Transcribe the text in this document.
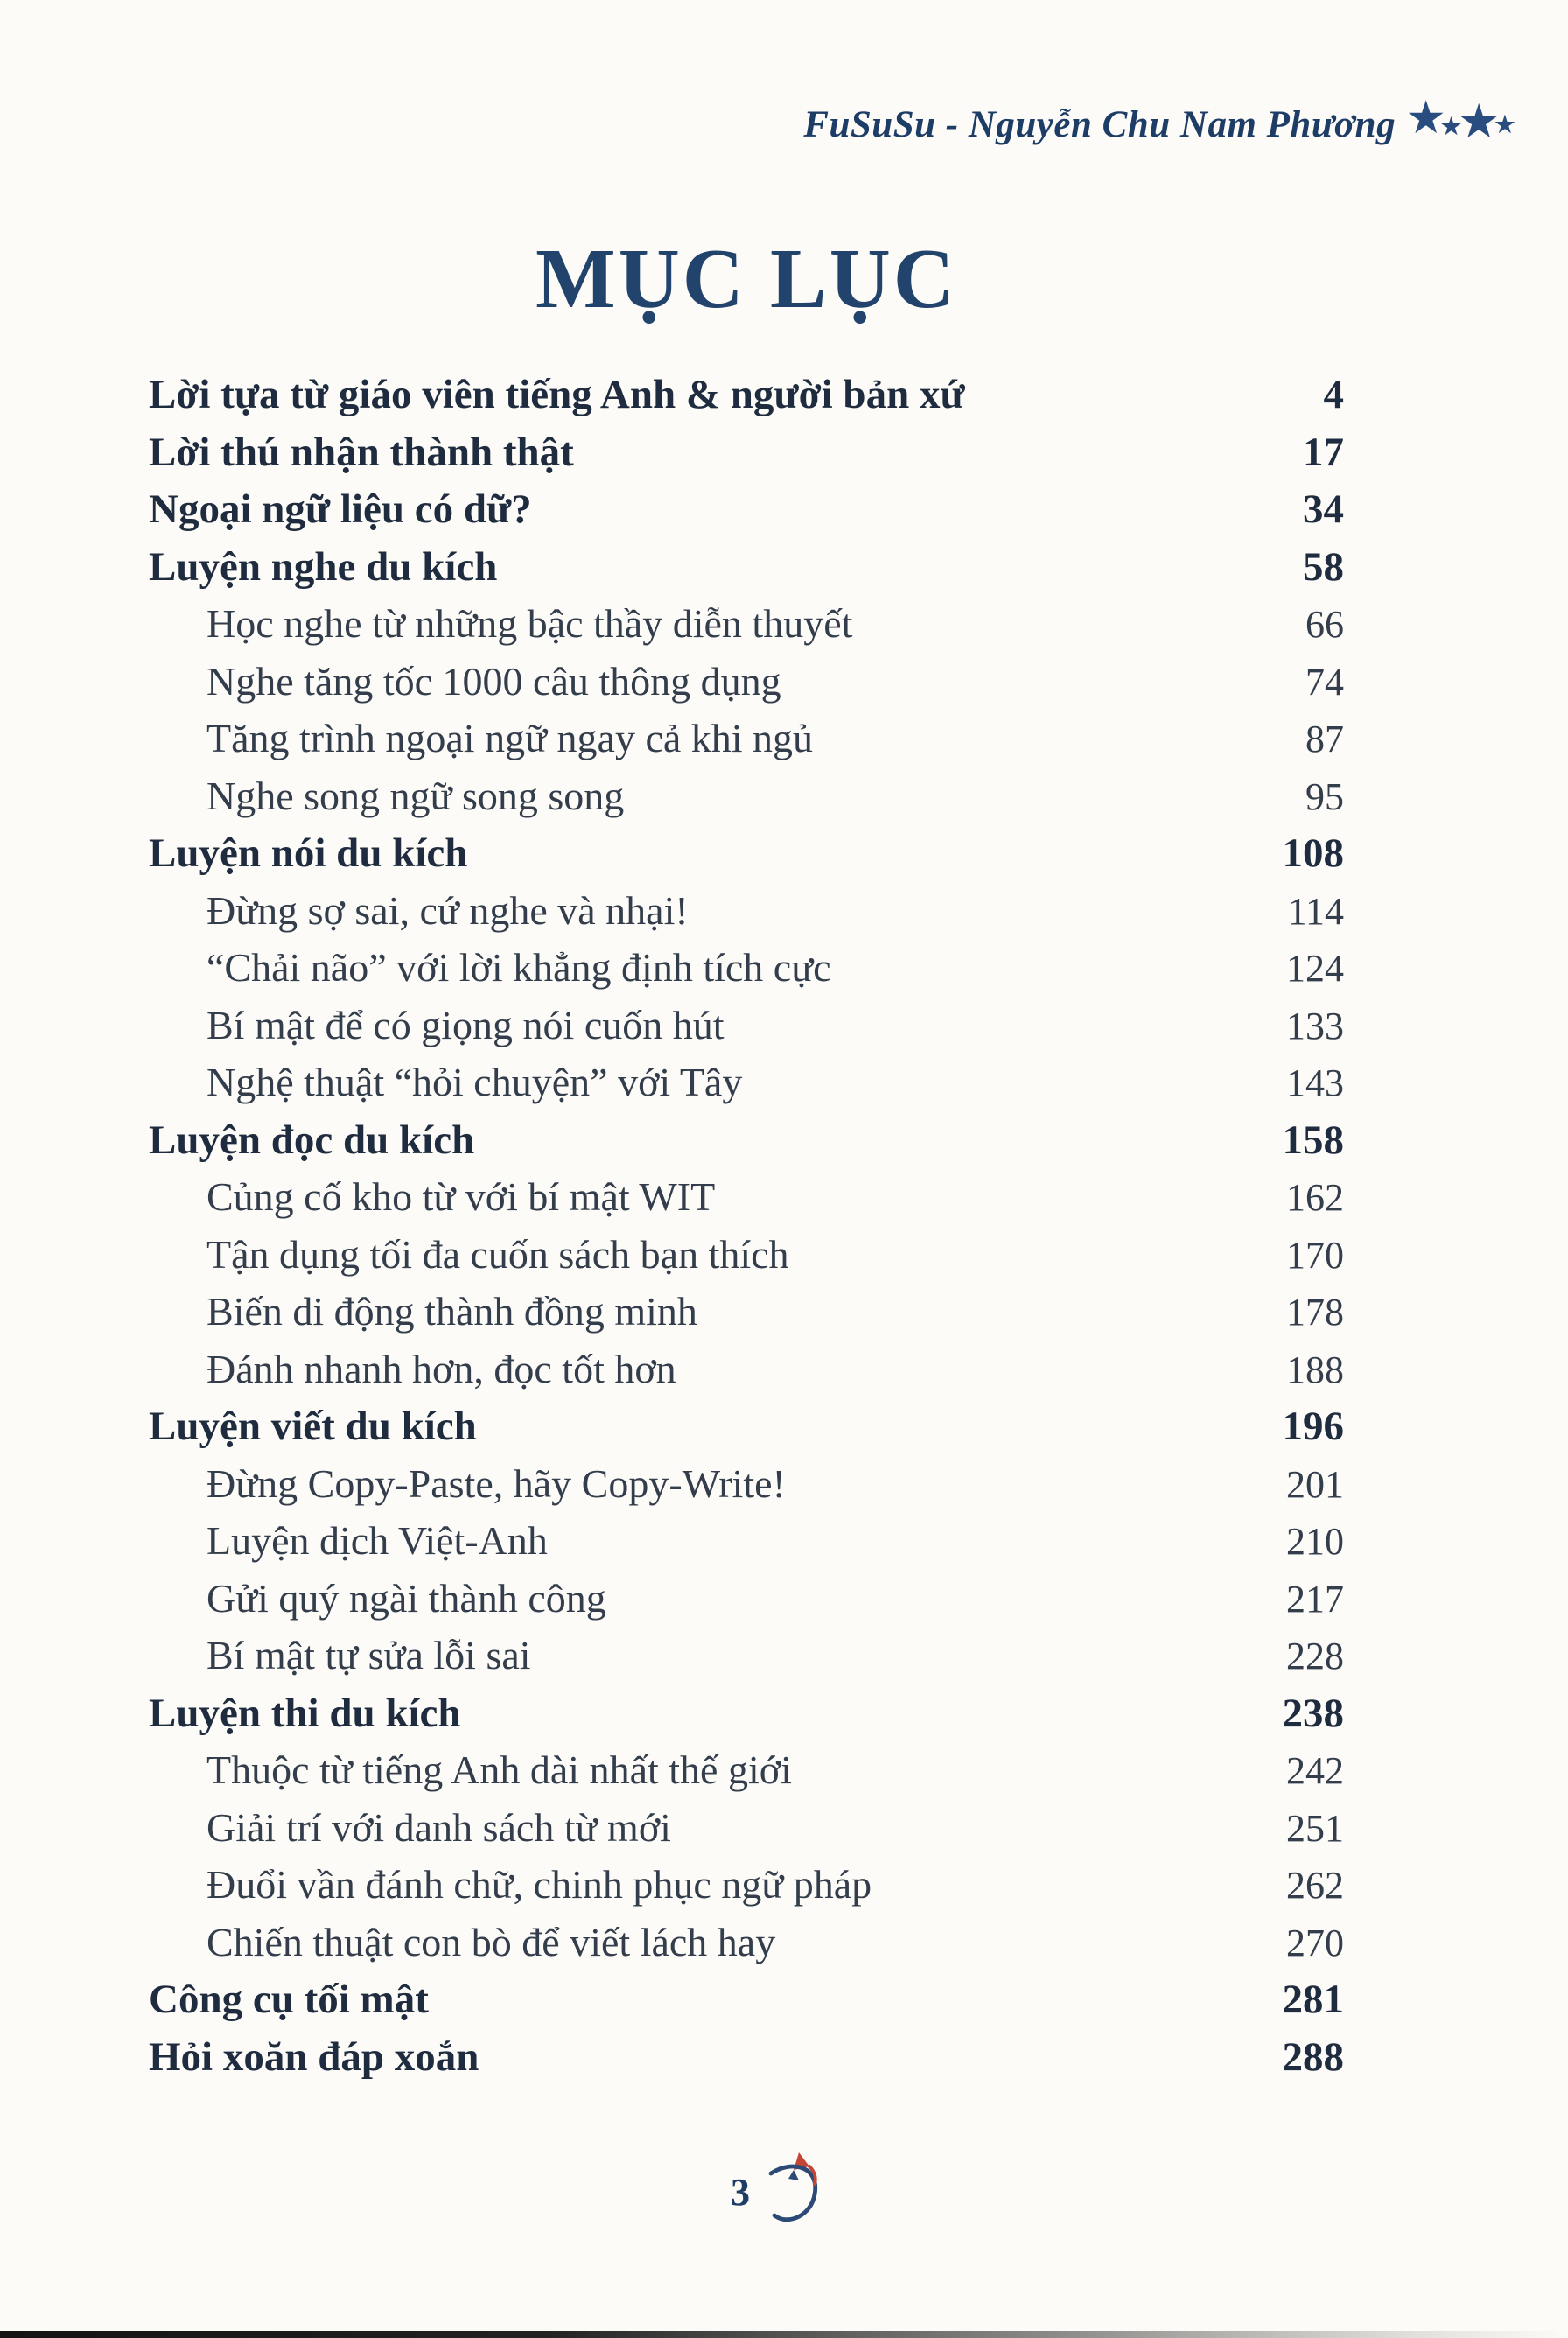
FuSuSu - Nguyễn Chu Nam Phương ★
★
★
★
MỤC LỤC
Lời tựa từ giáo viên tiếng Anh & người bản xứ	4
Lời thú nhận thành thật	17
Ngoại ngữ liệu có dữ?	34
Luyện nghe du kích	58
Học nghe từ những bậc thầy diễn thuyết	66
Nghe tăng tốc 1000 câu thông dụng	74
Tăng trình ngoại ngữ ngay cả khi ngủ	87
Nghe song ngữ song song	95
Luyện nói du kích	108
Đừng sợ sai, cứ nghe và nhại!	114
“Chải não” với lời khẳng định tích cực	124
Bí mật để có giọng nói cuốn hút	133
Nghệ thuật “hỏi chuyện” với Tây	143
Luyện đọc du kích	158
Củng cố kho từ với bí mật WIT	162
Tận dụng tối đa cuốn sách bạn thích	170
Biến di động thành đồng minh	178
Đánh nhanh hơn, đọc tốt hơn	188
Luyện viết du kích	196
Đừng Copy-Paste, hãy Copy-Write!	201
Luyện dịch Việt-Anh	210
Gửi quý ngài thành công	217
Bí mật tự sửa lỗi sai	228
Luyện thi du kích	238
Thuộc từ tiếng Anh dài nhất thế giới	242
Giải trí với danh sách từ mới	251
Đuổi vần đánh chữ, chinh phục ngữ pháp	262
Chiến thuật con bò để viết lách hay	270
Công cụ tối mật	281
Hỏi xoăn đáp xoắn	288
3
